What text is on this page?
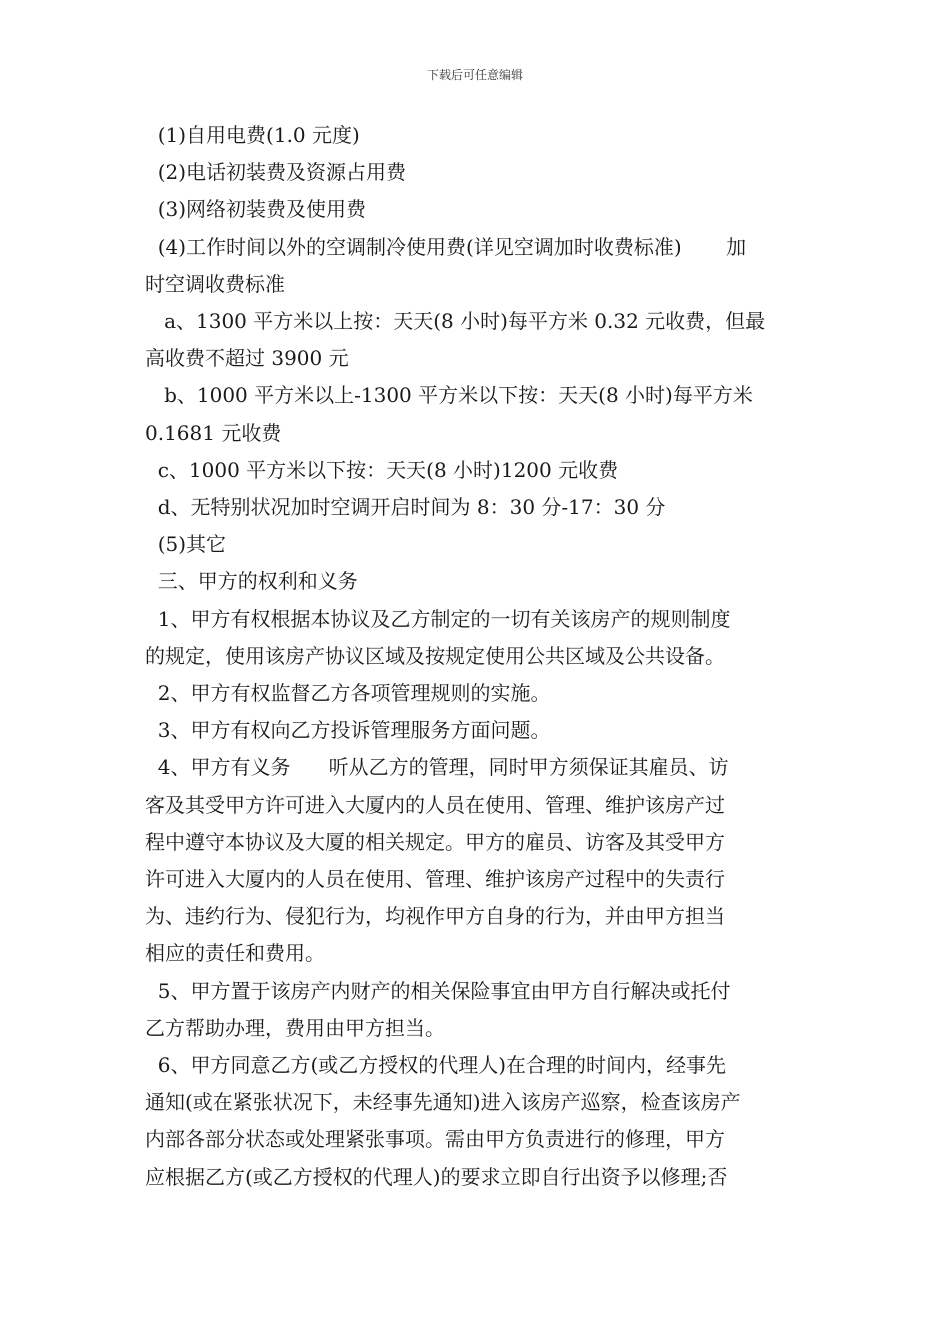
下载后可任意编辑

(1)自用电费(1.0 元度)

(2)电话初装费及资源占用费

(3)网络初装费及使用费

(4)工作时间以外的空调制冷使用费(详见空调加时收费标准)       加

时空调收费标准

a、1300 平方米以上按：天天(8 小时)每平方米 0.32 元收费，但最

高收费不超过 3900 元

b、1000 平方米以上-1300 平方米以下按：天天(8 小时)每平方米

0.1681 元收费

c、1000 平方米以下按：天天(8 小时)1200 元收费

d、无特别状况加时空调开启时间为 8：30 分-17：30 分

(5)其它

三、甲方的权利和义务

1、甲方有权根据本协议及乙方制定的一切有关该房产的规则制度

的规定，使用该房产协议区域及按规定使用公共区域及公共设备。

2、甲方有权监督乙方各项管理规则的实施。

3、甲方有权向乙方投诉管理服务方面问题。

4、甲方有义务      听从乙方的管理，同时甲方须保证其雇员、访

客及其受甲方许可进入大厦内的人员在使用、管理、维护该房产过

程中遵守本协议及大厦的相关规定。甲方的雇员、访客及其受甲方

许可进入大厦内的人员在使用、管理、维护该房产过程中的失责行

为、违约行为、侵犯行为，均视作甲方自身的行为，并由甲方担当

相应的责任和费用。

5、甲方置于该房产内财产的相关保险事宜由甲方自行解决或托付

乙方帮助办理，费用由甲方担当。

6、甲方同意乙方(或乙方授权的代理人)在合理的时间内，经事先

通知(或在紧张状况下，未经事先通知)进入该房产巡察，检查该房产

内部各部分状态或处理紧张事项。需由甲方负责进行的修理，甲方

应根据乙方(或乙方授权的代理人)的要求立即自行出资予以修理;否
